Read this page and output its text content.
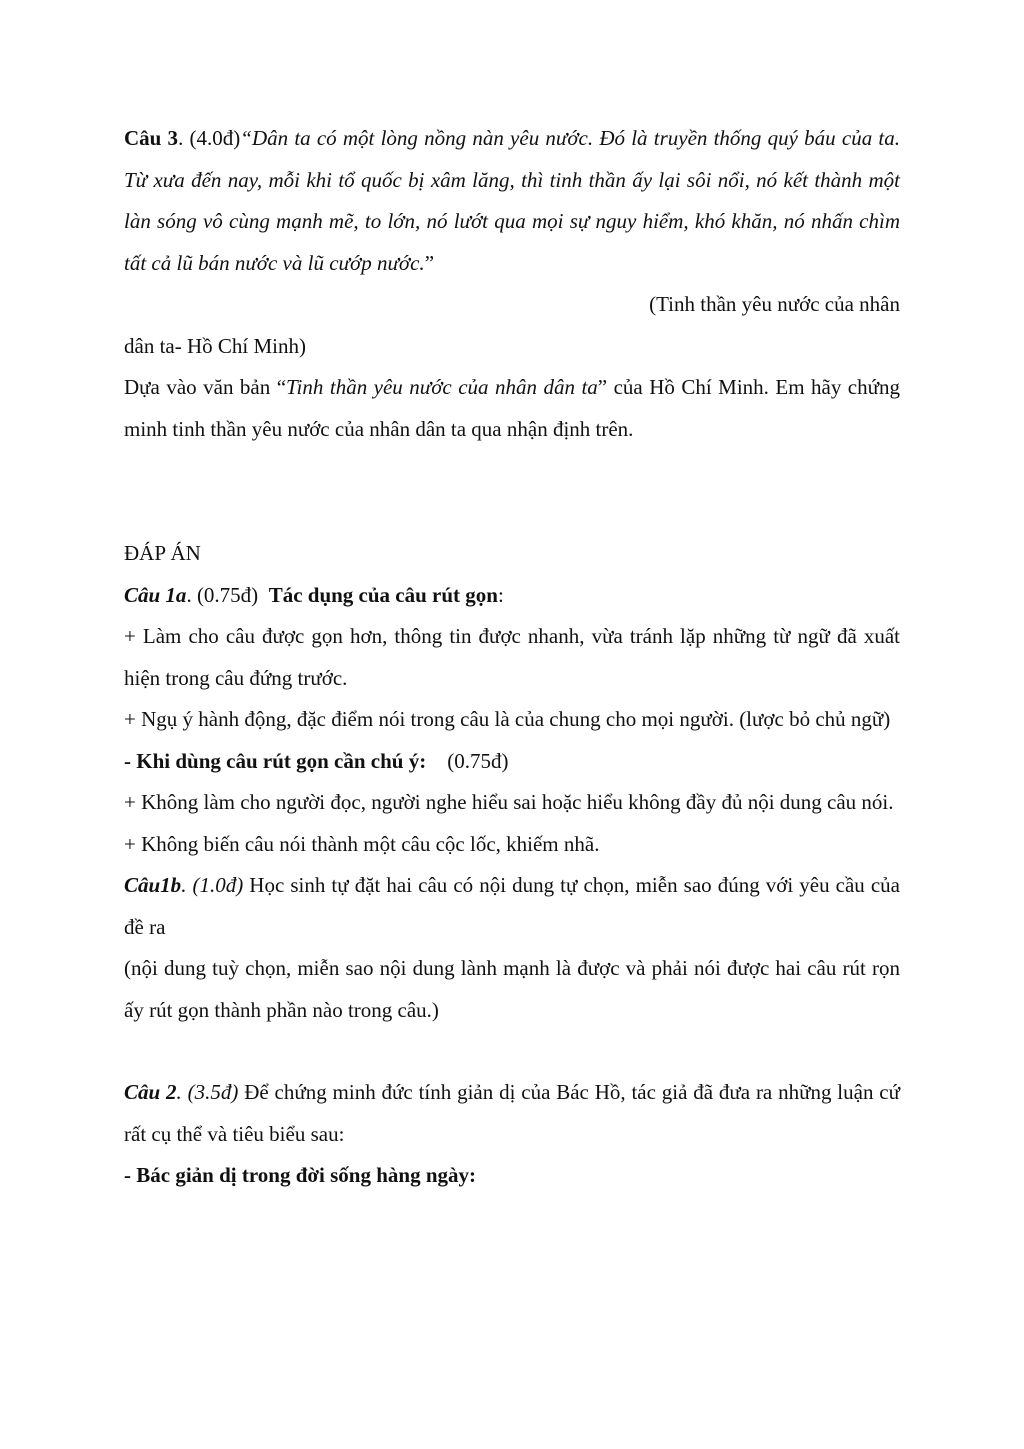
Câu 3. (4.0đ)“Dân ta có một lòng nồng nàn yêu nước. Đó là truyền thống quý báu của ta. Từ xưa đến nay, mỗi khi tổ quốc bị xâm lăng, thì tinh thần ấy lại sôi nổi, nó kết thành một làn sóng vô cùng mạnh mẽ, to lớn, nó lướt qua mọi sự nguy hiểm, khó khăn, nó nhấn chìm tất cả lũ bán nước và lũ cướp nước.”

(Tinh thần yêu nước của nhân

dân ta- Hồ Chí Minh)

Dựa vào văn bản “Tinh thần yêu nước của nhân dân ta” của Hồ Chí Minh. Em hãy chứng minh tinh thần yêu nước của nhân dân ta qua nhận định trên.

ĐÁP ÁN

Câu 1a. (0.75đ) Tác dụng của câu rút gọn:

+ Làm cho câu được gọn hơn, thông tin được nhanh, vừa tránh lặp những từ ngữ đã xuất hiện trong câu đứng trước.

+ Ngụ ý hành động, đặc điểm nói trong câu là của chung cho mọi người. (lược bỏ chủ ngữ)

- Khi dùng câu rút gọn cần chú ý: (0.75đ)

+ Không làm cho người đọc, người nghe hiểu sai hoặc hiểu không đầy đủ nội dung câu nói.

+ Không biến câu nói thành một câu cộc lốc, khiếm nhã.

Câu1b. (1.0đ) Học sinh tự đặt hai câu có nội dung tự chọn, miễn sao đúng với yêu cầu của đề ra

(nội dung tuỳ chọn, miễn sao nội dung lành mạnh là được và phải nói được hai câu rút rọn ấy rút gọn thành phần nào trong câu.)

Câu 2. (3.5đ) Để chứng minh đức tính giản dị của Bác Hồ, tác giả đã đưa ra những luận cứ rất cụ thể và tiêu biểu sau:

- Bác giản dị trong đời sống hàng ngày:
